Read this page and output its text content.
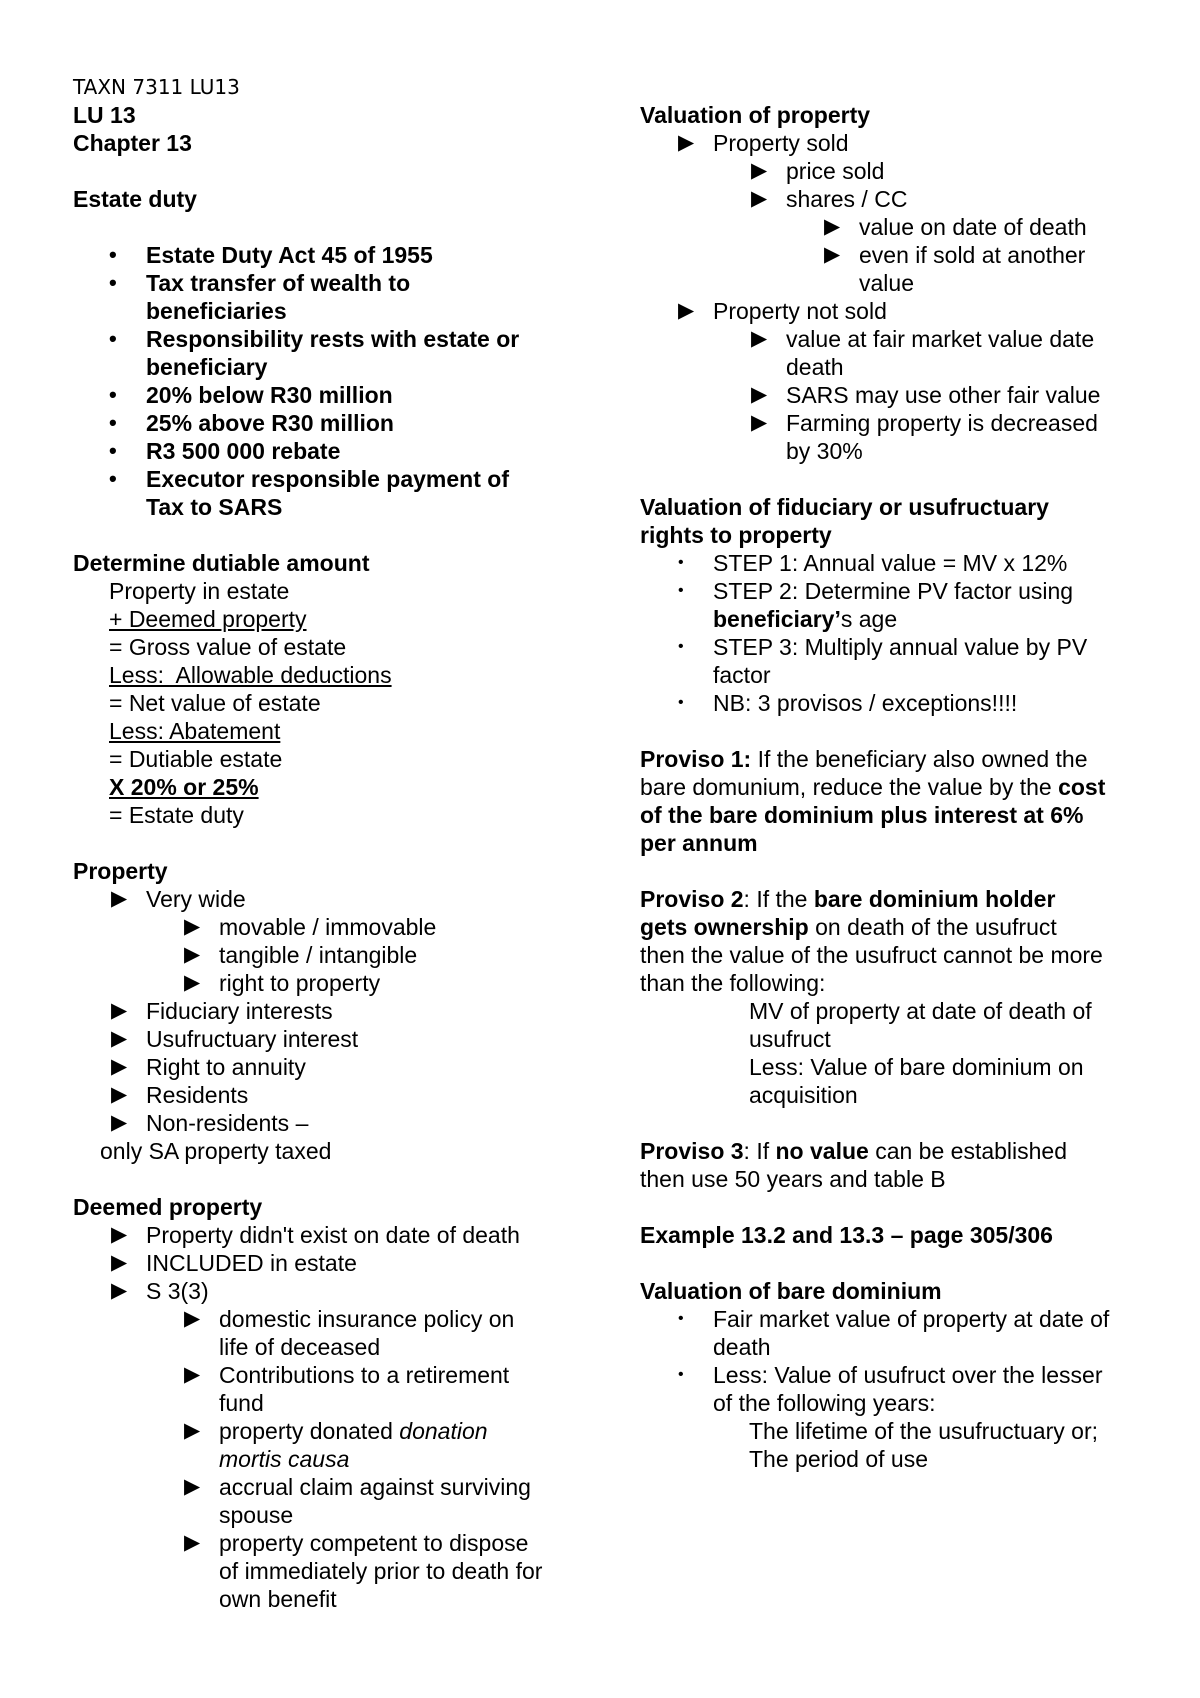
TAXN 7311 LU13
LU 13
Chapter 13
Estate duty
• Estate Duty Act 45 of 1955
• Tax transfer of wealth to
beneficiaries
• Responsibility rests with estate or
beneficiary
• 20% below R30 million
• 25% above R30 million
• R3 500 000 rebate
• Executor responsible payment of
Tax to SARS
Determine dutiable amount
Property in estate
+ Deemed property
= Gross value of estate
Less:  Allowable deductions
= Net value of estate
Less: Abatement
= Dutiable estate
X 20% or 25%
= Estate duty
Property
▶ Very wide
▶ movable / immovable
▶ tangible / intangible
▶ right to property
▶ Fiduciary interests
▶ Usufructuary interest
▶ Right to annuity
▶ Residents
▶ Non-residents –
only SA property taxed
Deemed property
▶ Property didn't exist on date of death
▶ INCLUDED in estate
▶ S 3(3)
▶ domestic insurance policy on
life of deceased
▶ Contributions to a retirement
fund
▶ property donated donation
mortis causa
▶ accrual claim against surviving
spouse
▶ property competent to dispose
of immediately prior to death for
own benefit
Valuation of property
▶ Property sold
▶ price sold
▶ shares / CC
▶ value on date of death
▶ even if sold at another
value
▶ Property not sold
▶ value at fair market value date
death
▶ SARS may use other fair value
▶ Farming property is decreased
by 30%
Valuation of fiduciary or usufructuary
rights to property
• STEP 1: Annual value = MV x 12%
• STEP 2: Determine PV factor using
beneficiary’s age
• STEP 3: Multiply annual value by PV
factor
• NB: 3 provisos / exceptions!!!!
Proviso 1: If the beneficiary also owned the
bare domunium, reduce the value by the cost
of the bare dominium plus interest at 6%
per annum
Proviso 2: If the bare dominium holder
gets ownership on death of the usufruct
then the value of the usufruct cannot be more
than the following:
MV of property at date of death of
usufruct
Less: Value of bare dominium on
acquisition
Proviso 3: If no value can be established
then use 50 years and table B
Example 13.2 and 13.3 – page 305/306
Valuation of bare dominium
• Fair market value of property at date of
death
• Less: Value of usufruct over the lesser
of the following years:
The lifetime of the usufructuary or;
The period of use
